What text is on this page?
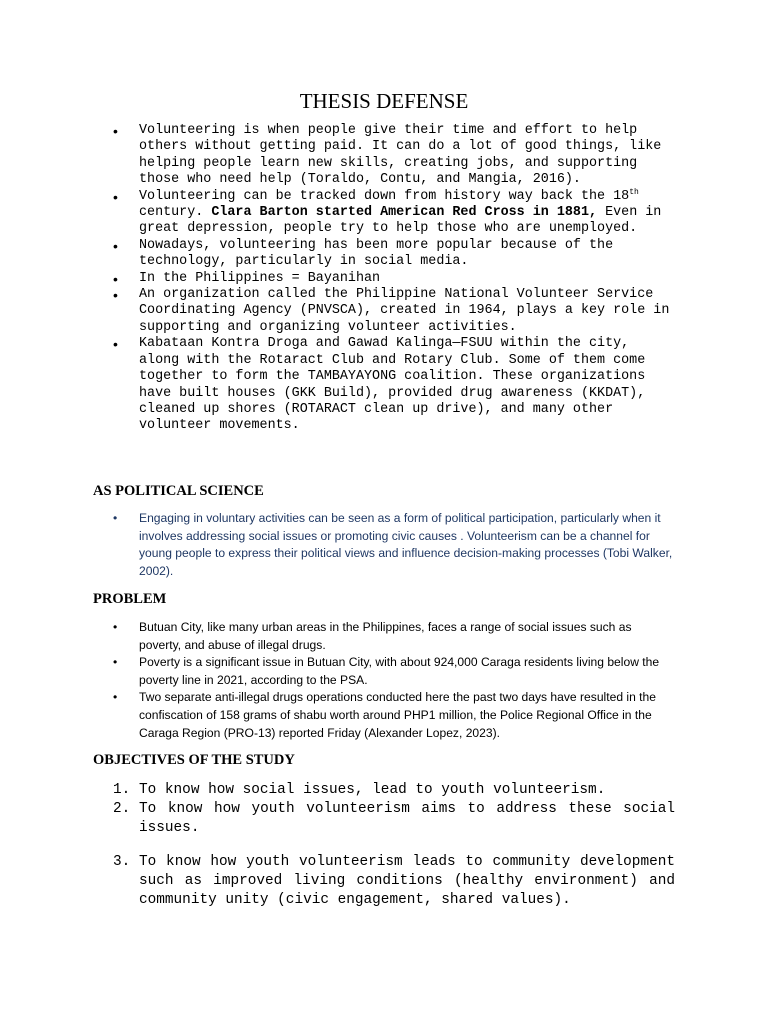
THESIS DEFENSE
• Volunteering is when people give their time and effort to help others without getting paid. It can do a lot of good things, like helping people learn new skills, creating jobs, and supporting those who need help (Toraldo, Contu, and Mangia, 2016).
• Volunteering can be tracked down from history way back the 18th century. Clara Barton started American Red Cross in 1881, Even in great depression, people try to help those who are unemployed.
• Nowadays, volunteering has been more popular because of the technology, particularly in social media.
• In the Philippines = Bayanihan
• An organization called the Philippine National Volunteer Service Coordinating Agency (PNVSCA), created in 1964, plays a key role in supporting and organizing volunteer activities.
• Kabataan Kontra Droga and Gawad Kalinga—FSUU within the city, along with the Rotaract Club and Rotary Club. Some of them come together to form the TAMBAYAYONG coalition. These organizations have built houses (GKK Build), provided drug awareness (KKDAT), cleaned up shores (ROTARACT clean up drive), and many other volunteer movements.
AS POLITICAL SCIENCE
• Engaging in voluntary activities can be seen as a form of political participation, particularly when it involves addressing social issues or promoting civic causes . Volunteerism can be a channel for young people to express their political views and influence decision-making processes (Tobi Walker, 2002).
PROBLEM
• Butuan City, like many urban areas in the Philippines, faces a range of social issues such as poverty, and abuse of illegal drugs.
• Poverty is a significant issue in Butuan City, with about 924,000 Caraga residents living below the poverty line in 2021, according to the PSA.
• Two separate anti-illegal drugs operations conducted here the past two days have resulted in the confiscation of 158 grams of shabu worth around PHP1 million, the Police Regional Office in the Caraga Region (PRO-13) reported Friday (Alexander Lopez, 2023).
OBJECTIVES OF THE STUDY
1. To know how social issues, lead to youth volunteerism.
2. To know how youth volunteerism aims to address these social issues.
3. To know how youth volunteerism leads to community development such as improved living conditions (healthy environment) and community unity (civic engagement, shared values).
